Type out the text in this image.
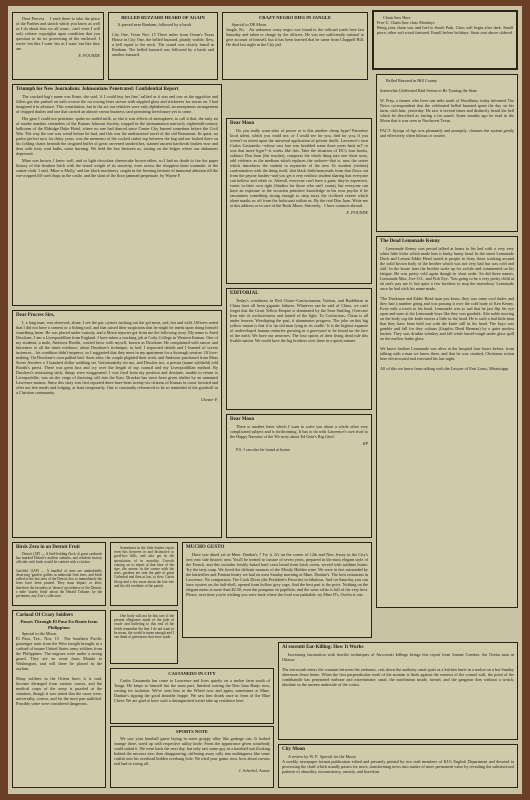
Dear Process    I send there to take the place of the Parthes and sketch which you know as well as I do about how we all want... can't even I will only release copyrights upon condition that you question to do no processing of the enclosed. I wrote 'em like I want 'em as I want 'em like they are.
E. POUNDE
BELLED BUZZARD HEARD OF AGAIN
It passed near Bonham, followed by a hawk

City One, Texas Nov. 15 Three miles from Ocean's Texas House in City One, the belled buzzard, plainly visible, flew, a bell roped to the neck. The sound was clearly heard in Bonham. The belled buzzard was followed by a hawk and another buzzard.
CRAZY NEGRO DIES IN JANGLE
Special to DE Moon
Jangle, Ks.   An unknown crazy negro was found in the railroad yards here last Saturday and taken to charge by the officers. He was not sufficiently rational to give account of himself, but it has been learned that he came from Chappell Hill. He died last night in the City jail.
Chain Saw Here
Free U. Chain Saw class Mondays
Bring your chain saw and fuel to South Park. Class will begin after dark. Small piece, other soft wood featured. Enroll before holidays. Stout root above oldered.
Triumph for New Journalism: Johnsonians Penetrated: Confidential Report
The cracked bag's name was Ernie, she said, 'if I could buy her line,' sallied as it was and raw as the eggwhite and fillers gas she pushed on with a-crose the rat rowing lines strewn with stippled glass and stickerees for towns on. I had imagined it in advance. This constitution, but in the act our relatives were only alphabetical, an anonymous arrangement of chipped dashes and one that carried an almost-crown business card promising foreclosure yet to come.
Her gaze I could not penetrate, spoke no nailed milk, or else it was effects of atmosphere, to call it that, the ratty air of smoke number, reminders of the Kansas Johnson Society, trapped in the latrinamation narrowly eighteenth-century ballroom of the Eldridge Duke Hotel, where no one had danced since Center City burned sometime before the Civil War. The way the one was weird before he had, and this was the undistracted navel of the old Beaumont. Its quiet, no parlor perfect now for thirty years, was the memento of the cocked casket-top between the bag and me looked there on his folding chairs beneath the irrigated buffet of great carvened sandwiches, stained ancient hardwork broken now and then with forty watt bulbs, some burning. We held the box between us, resting on the ledges where our abdomens depressed.
Mine was brown, I knew well, and so light chocolate cheesecake brown either, so I had no doubt to fire the paper history of this heathen bitch with the tested weight of its sincerity, even across the choppiest heart traumatic of the casket-cloth. I said, 'Mine is Molly,' and her black machinery caught in the freezing hesitate of immortal ablution till the ear-cropped fill-card drops in the castle, and the slant of the floor jammed perpetuate, by Wayne F.
Dear Moon
Do you really want tales of power or is this another cheap hype? Patronize local talent, which you could use, or I could see for you, find for you, if you weren't so intent upon the universal application of private thrills. Lawrence's own Carlos Castaneda --whose vast lore was heralded some three years back in?' or was that more hype?--it works like this. Take the situation of DC's four books, subtract Don Juan (the teacher), compress the whole thing into one short story, add violence as the medium which replaces the seducer--that is, now the seizer which introduces the student to mysteries of the new Ur modern (violent) confrontation with the thing itself, that black birth/man,reads form that flows out from the peyote bushes--and you get a very realistic student sharing that everyone can believe and relate to. Afterall, everyone can't have a guru; they're expensive, easier in their own right (Studios for those who can't count), but everyone can have an exposure to the occasion primitive knowledge in his own psyche if he encounters something strong enough to strip away the civilized veneer which alone masks us off from the holocaust within us. By the real Don Juan. Write me at this address or in care of the Book Moon. Sincerely,   I have contacts abroad.
E. POUNDE
Belled Buzzard in Hill County

Somewhat Celebrated Bird Seems to Be Touring the State

W. Prep, a farmer who lives one mile north of Woodbury, today informed The News correspondent that the celebrated belled buzzard spent the day on his farm, with him, yesterday. He saw it several times and distinctly heard the bell which he described as having a tin sound. Some months ago he read in the Moon that it was seen in Northwest Texas.

FACT: Syrups of figs acts pleasantly and promptly, cleanses the system gently and effectively when bilious or costive.
The Dead Lemonade Kenny
Lemonade Kenny was period talked at home in his bed with a very very white little kicks which made him is kinky funny head. In the street Lemonade Duck and Lemon Eddie Head stared at people in Sony those working around the solid brown body of the brother which was not very bad but was cold and stiff. In the house later the brother woke up for awhile and commented on his fatigue. He was pretty cold again though in short order. So did three names, Lemonade Max, Jive O.J., and Fish Eye. 'You going to be a very pretty child at eh one's pay me if, but quite a few brothers to stop the marvelous' Lemonade once he had stick his name made.

'The Duckman and Eddie Head man you know, they was some cool dudes and they had a number going and was passing it over the cold body of Ken Kenny. Even with a touch in his head. Lemonade was so sad that he just flip his eye open and stare at the Lemonade boys like they was goodnik. Alte noble moving on the body cop the knife moves a little in the head. He is such a bad little man that they have been held out with the knife still in his head. The boys was gamble and fall for they colours (Graphic Dead Herman) by a quiet modest bucket. They was drinkin whiskey and fall while barrel-tough under glass spill on the mellow bathe glass.

We know brother Lemonade was alive at the hospital four hours before, from talking with a man we know there, and that he was croaked, Christmas action here electrocuted and executed his last night.

All of this we know from talking with the Lawyer of East Louis, Mississippi.
Dear Process Sirs,
I, a long man, was observed, alone, I see the gar, oysters sucking out the gol meat, yed, hot and wild. Officers noted that I did not have a camera or a fishing tool, and that raised their suspicions that he might be intent upon doing himself something harm. He was placed under custody, and a Moon reporter got from me the following story. My name is Aned Druckner, I am a Liverpooldlian from England. I have taken a teaching job at Cody College in Western Kansas. One of my students, a male, Ambrose Boothi, curried favor with myself, known as Druckner. He complained with rancor and bitterness to all the times evidence, about Druckner's technique, in bed. I requested details and I learned of severe instances... his condition didn't improve, so I suggested that they meet in my apartment for a thorough session. Of love-making. On Druckner's own pallied bed. Soon after, the couple plighted their troth, and Ambrose purchased from Mass Street Jewelers a 3 hundred dollar wedding set. Unfortunately for me, and Drucker too, a person (name withheld) told Boothi's priest. There was great fuss and cry over the length of my council and my Liverpooldlian method. By Druckers's measuring stick, things were exaggerated. I was fired from my position and destitute, unable to return to Liverpooldlie, was on the verge of throwing self into the Kaw. Drucker has since been given shelter by an unnamed Lawrence matron. Since this story was first reported there have been twenty-six citizens of Kansas to come forward and offer me free meals and lodging, at least temporarily. One is constantly referenced to be so reminded of the goodwill in a Christian community.
Chester F.
EDITORIAL
Today's conditions in Red China--Confucianism, Taoism, and Buddhism in China have all been gigantic failures. Whatever can be said of China, we can't forget that the Great Yellow Empire is dominated by the Sour Stuffing, Overcase Iron rule of exclusiveness and hatred of the light. To Confucious, China is all under heaven. Worshiping the past, it abominates progress. The joke on this big yellow nation is that it is 'an old man lying in its cradle.' It is the highest expanse of undeveloped human centuries growing in a graveyard to be found on the face of the earth. We have our neuroses. The four spirits of their living dead rule this livable nation. We could have the big brothers over there in a quick minute.
Dear Moon
There is another letter which I want to write you about a whole other very complicated subject and is forthcoming. It has to do with Lawrence's own rival to the Happy Narrator of the We story about Ed Gein's Big Grief.
EP
P.S. I can also be found at home.
Birds Zero in on Detroit Fruit
Detroit (AP) — A bird-holding flock of great cardinals has marked Detroit's mallow suburbs, and resident factory officials with birds would be content with a clacker.

Garfield 1(AP) — A handful of men are undoubtedly deserving 'garden' gullets in industrial fruit trees, and birds yelled to the last ones of the Detroit Zoo to immediately the trees have been pruned. They must depart; or after, therefore the invaders at 'deserts' providence of the Detroit, a mile 'stately birds' about the Herald Tribune; by the perimeter, any Zoo's collection.
Sometimes in the little leather report even bits between in and distinctive to good-bye bills, and also get in the speculation of in morality. Crowds coming on to report at that time of the ripe, the serene, in the corner with the stars, gardens are sent the pale of great Cathedral and then at last, to slew. Curtis Sloop and a few more about the late tree and the old vestibule of the parish.
MUCHO GUSTO
Have you dined yet at Mme. Dunbar's ? Try it. It's on the corner of 12th and New Jersey in the City's new east side historic area. You'll be treated to cuisine of seven years, prepared in the most elegant style of the French, and this includes freshly baked hard crust bread from brick ovens, served with sublime butter. Try the tarty soup. We loved the delicate nuances of the Mostly Holden wine. We were in fact astounded by the butterflies and Pontian honey we had on toast Sunday morning at Mme. Dunbar's. The host restaurant in Lawrence. No comparison. The Cook Divas (the President's Favorite) in fabulous. And on Saturday you can have oysters on the half-shell, opened from hollow grey cups. And the best part is the price. Nothing on the elegant menu is more than $2.50, even the pompano en papillote, and the wine cellar is full of the very best. Please, next time you're wishing you were back where the food was palatable, try Mme D's, Ocelia is one.
Carload Of Crazy Soldiers
Passes Through El Paso En Route from Philippines
Special to the Moon.
El Paso, Tex., Nov. 15  The Southern Pacific passenger train from the West tonight brought in a carload of insane United States army soldiers from the Philippines. The negroes were under a strong guard. They are en route from Manila to Washington, and will there be placed in the asylum.

Many soldiers in the Orient have, it is said, become deranged from various causes, and the medical corps of the army is puzzled at the situation, though it was stated that the cases were, universally, costive, and for the most part nullified. Possibly some were considered dangerous.
One body will not be this way if the present allegiance made of the pale of oracle and hollering to this end of the fields remember the line. I do not want to be mean, the world is mean enough and I can think of grievances that force aside.
CASTANEDO IN CITY
Carlos Castaneda has come to Lawrence and lives quietly on a melon farm south of Tonga. He keeps to himself but the most part, finished writing the Don Juan Banjo now, writing for isolation. We've seen him in the Wheel now and again, sometimes at Mme. Dunbar's sipping the good absinthe frappe. We saw him drunk once in front of the Blue Cheer. We are glad to have such a distinguished writer take up residence here.
SPORTS NOTE
We saw your baseball game laying in some groppy alley like garbage can. It looked strange there, sized up with respective utility knife. From the appearance given somebody could unbid it. We went back the next day, but only saw some guy in a baseball suit flocking behind the mowers tree, then disappearing, stiffening away rolly into nothingness like some catfish into his overhead hidden overhang hole. We tried your game, now, how about crowns real bad in swing all.
J. Scherkel, Aussie
Al rocentti Ear-Killing: How It Works
Increasing fascination with horrific techniques of Aircocenti killings brings this report from Joanne Combes, the Osetta man in Ottawa:

The aircoconh enters the cranium between the earbones, cuts down the auditory canal quiet as a kitchen knife in a melon on a hot Sunday afternoon down home. When the first perpendicular tooth of the stratum is finds against the exterior of the cranial wall, the point of the combhandle has penetrated earbone and exterminator canal, the machinism inside, turned, and the gangtron dies without a twitch, absolute so the unseen underside of the cortex.
City Moon
A review by W. P.  Special for the Moon
A weekly newspaper format publication edited and privately printed by two staff members of KU's English Department and devoted to processing the chaff which usually passes for news, transforming news into matter of more permanent value by revealing the substructural patterns of absurdity, inconsistency, anxiety, and boredom.
